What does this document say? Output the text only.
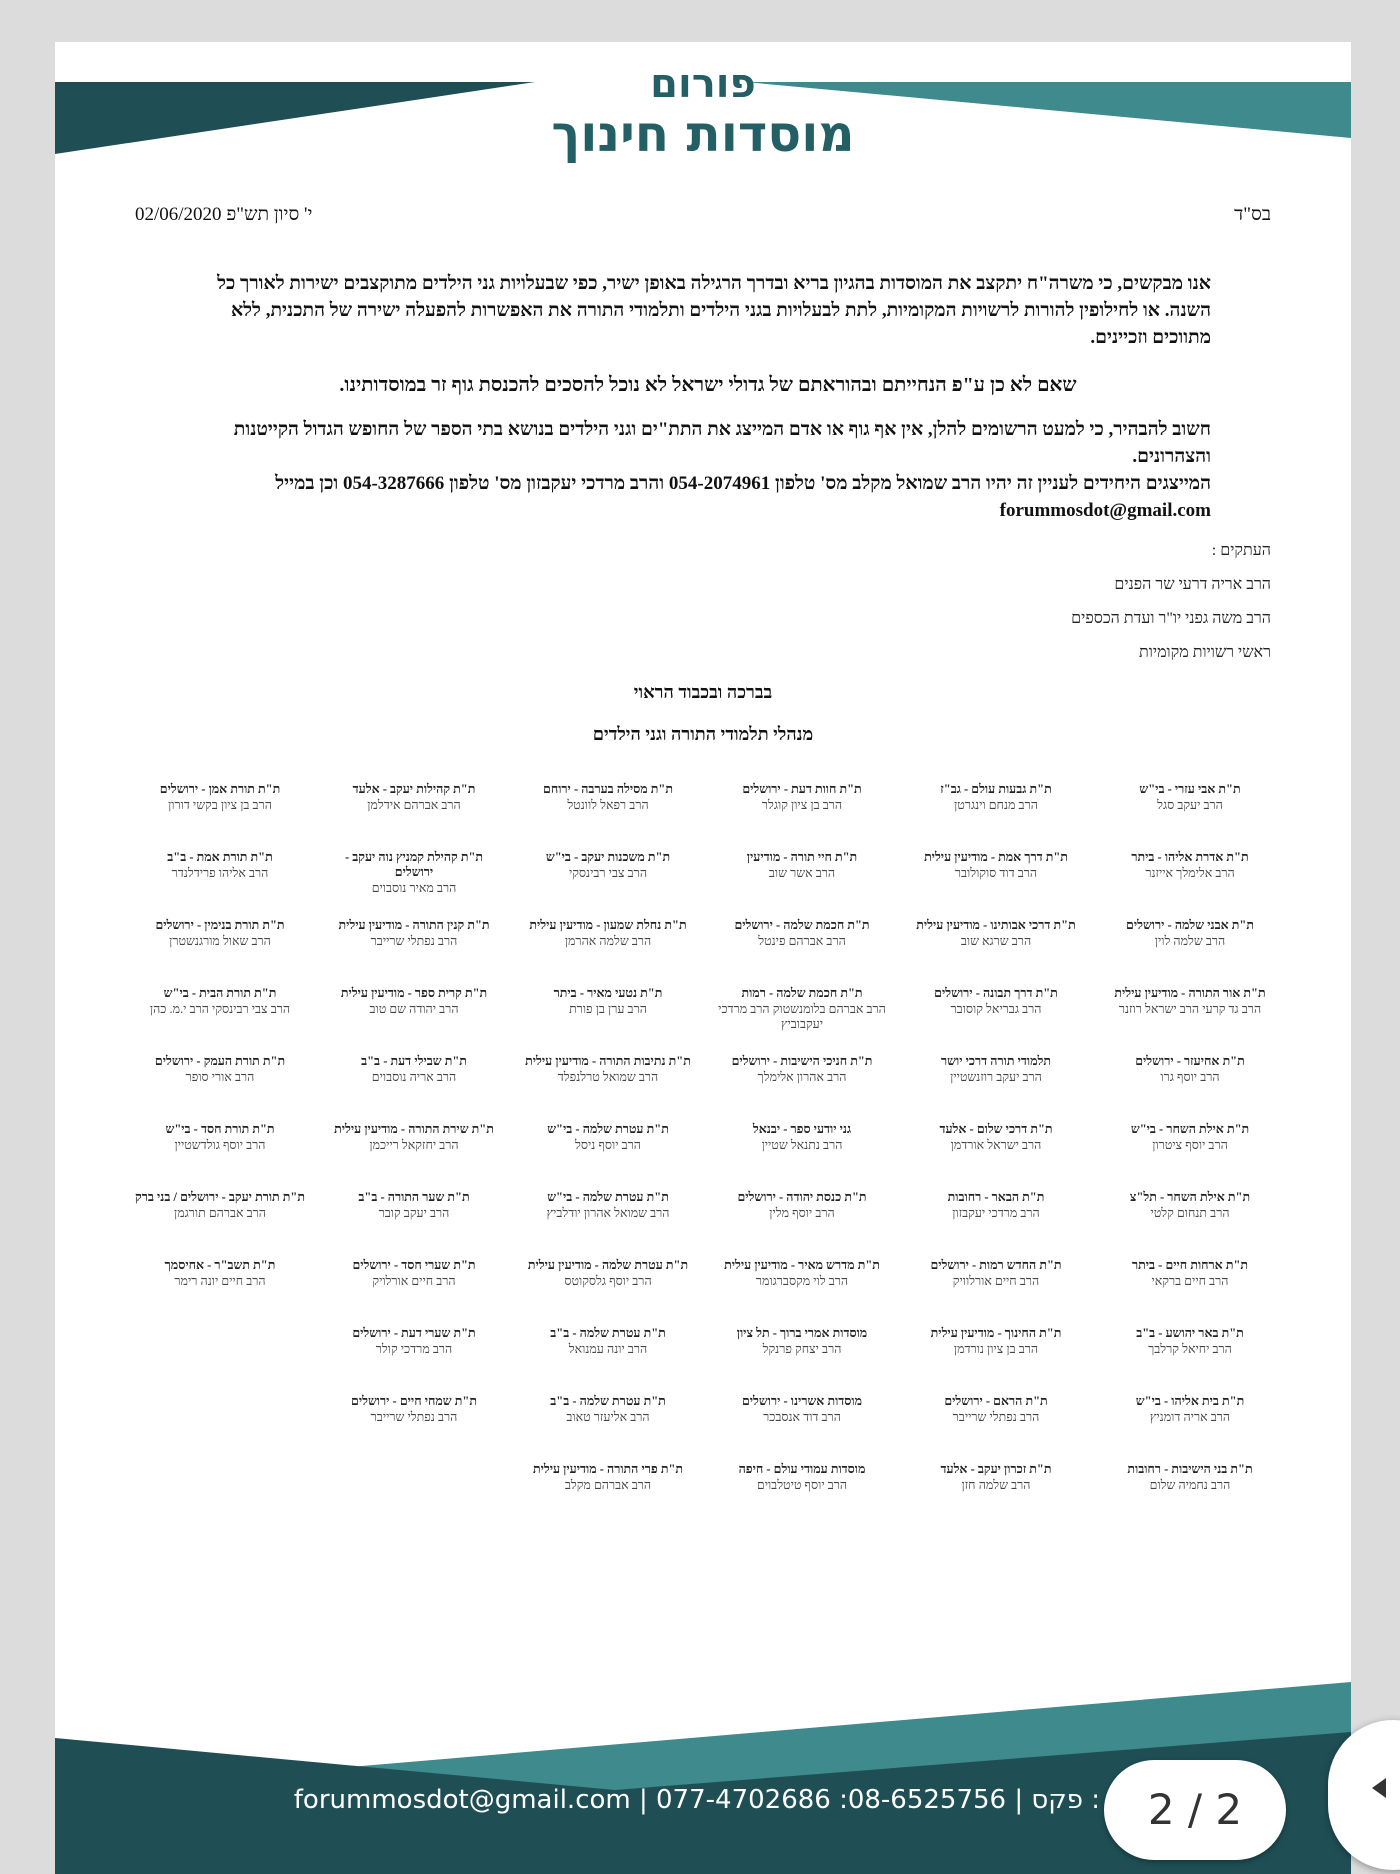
פורום
מוסדות חינוך
בס"ד
י' סיון תש"פ 02/06/2020
אנו מבקשים, כי משרה"ח יתקצב את המוסדות בהגיון בריא ובדרך הרגילה באופן ישיר, כפי שבעלויות גני הילדים מתוקצבים ישירות לאורך כל השנה. או לחילופין להורות לרשויות המקומיות, לתת לבעלויות בגני הילדים ותלמודי התורה את האפשרות להפעלה ישירה של התכנית, ללא מתווכים וזכיינים.
שאם לא כן ע"פ הנחייתם ובהוראתם של גדולי ישראל לא נוכל להסכים להכנסת גוף זר במוסדותינו.
חשוב להבהיר, כי למעט הרשומים להלן, אין אף גוף או אדם המייצג את התת"ים וגני הילדים בנושא בתי הספר של החופש הגדול הקייטנות והצהרונים.
המייצגים היחידים לעניין זה יהיו הרב שמואל מקלב מס' טלפון 054-2074961 והרב מרדכי יעקבזון מס' טלפון 054-3287666 וכן במייל forummosdot@gmail.com
העתקים :
הרב אריה דרעי שר הפנים
הרב משה גפני יו"ר ועדת הכספים
ראשי רשויות מקומיות
בברכה ובכבוד הראוי
מנהלי תלמודי התורה וגני הילדים
ת"ת אבי עזרי - בי"ש
הרב יעקב סגל
ת"ת אדרת אליהו - ביתר
הרב אלימלך אייזנר
ת"ת אבני שלמה - ירושלים
הרב שלמה לוין
ת"ת אור התורה - מודיעין עילית
הרב גד קרעי הרב ישראל רוזנר
ת"ת אחיעזר - ירושלים
הרב יוסף גרו
ת"ת אילת השחר - בי"ש
הרב יוסף ציטרון
ת"ת אילת השחר - תל"צ
הרב תנחום קלטי
ת"ת ארחות חיים - ביתר
הרב חיים ברקאי
ת"ת באר יהושע - ב"ב
הרב יחיאל קרלבך
ת"ת בית אליהו - בי"ש
הרב אריה דומניץ
ת"ת בני הישיבות - רחובות
הרב נחמיה שלום
ת"ת גבעות עולם - גב"ז
הרב מנחם וינגרטן
ת"ת דרך אמת - מודיעין עילית
הרב דוד סוקולובר
ת"ת דרכי אבותינו - מודיעין עילית
הרב שרגא שוב
ת"ת דרך תבונה - ירושלים
הרב גבריאל קוסובר
תלמודי תורה דרכי יושר
הרב יעקב רוזנשטיין
ת"ת דרכי שלום - אלעד
הרב ישראל אורדמן
ת"ת הבאר - רחובות
הרב מרדכי יעקבזון
ת"ת החדש רמות - ירושלים
הרב חיים אורלוויק
ת"ת החינוך - מודיעין עילית
הרב בן ציון נורדמן
ת"ת הראם - ירושלים
הרב נפתלי שרייבר
ת"ת זכרון יעקב - אלעד
הרב שלמה חזן
ת"ת חוות דעת - ירושלים
הרב בן ציון קוגלר
ת"ת חיי תורה - מודיעין
הרב אשר שוב
ת"ת חכמת שלמה - ירושלים
הרב אברהם פינטל
ת"ת חכמת שלמה - רמות
הרב אברהם בלומנשטוק הרב מרדכי יעקבוביץ
ת"ת חניכי הישיבות - ירושלים
הרב אהרון אלימלך
גני יודעי ספר - יבנאל
הרב נתנאל שטיין
ת"ת כנסת יהודה - ירושלים
הרב יוסף מלין
ת"ת מדרש מאיר - מודיעין עילית
הרב לוי מקסברגומר
מוסדות אמרי ברוך - תל ציון
הרב יצחק פרנקל
מוסדות אשרינו - ירושלים
הרב דוד אנסבכר
מוסדות עמודי עולם - חיפה
הרב יוסף טיטלבוים
ת"ת מסילה בערבה - ירוחם
הרב רפאל לוונטל
ת"ת משכנות יעקב - בי"ש
הרב צבי רבינסקי
ת"ת נחלת שמעון - מודיעין עילית
הרב שלמה אהרמן
ת"ת נטעי מאיר - ביתר
הרב ערן בן פורת
ת"ת נתיבות התורה - מודיעין עילית
הרב שמואל טרלנפלד
ת"ת עטרת שלמה - בי"ש
הרב יוסף ניסל
ת"ת עטרת שלמה - בי"ש
הרב שמואל אהרון יודלביץ
ת"ת עטרת שלמה - מודיעין עילית
הרב יוסף גלסקוטס
ת"ת עטרת שלמה - ב"ב
הרב יונה עמנואל
ת"ת עטרת שלמה - ב"ב
הרב אליעזר טאוב
ת"ת פרי התורה - מודיעין עילית
הרב אברהם מקלב
ת"ת קהילות יעקב - אלעד
הרב אברהם אידלמן
ת"ת קהילת קמניץ נוה יעקב - ירושלים
הרב מאיר נוסבוים
ת"ת קנין התורה - מודיעין עילית
הרב נפתלי שרייבר
ת"ת קרית ספר - מודיעין עילית
הרב יהודה שם טוב
ת"ת שבילי דעת - ב"ב
הרב אריה נוסבוים
ת"ת שירת התורה - מודיעין עילית
הרב יחזקאל רייכמן
ת"ת שער התורה - ב"ב
הרב יעקב קובר
ת"ת שערי חסד - ירושלים
הרב חיים אורלויק
ת"ת שערי דעת - ירושלים
הרב מרדכי קולר
ת"ת שמחי חיים - ירושלים
הרב נפתלי שרייבר
ת"ת תורת אמן - ירושלים
הרב בן ציון בקשי דורון
ת"ת תורת אמת - ב"ב
הרב אליהו פרידלנדר
ת"ת תורת בנימין - ירושלים
הרב שאול מורגנשטרן
ת"ת תורת הבית - בי"ש
הרב צבי רבינסקי הרב י.מ. כהן
ת"ת תורת העמק - ירושלים
הרב אורי סופר
ת"ת תורת חסד - בי"ש
הרב יוסף גולדשטיין
ת"ת תורת יעקב - ירושלים / בני ברק
הרב אברהם תורגמן
ת"ת תשב"ר - אחיסמך
הרב חיים יונה רימר
forummosdot@gmail.com | 077-4702686 :פקס | 08-6525756 :	2 / 2
